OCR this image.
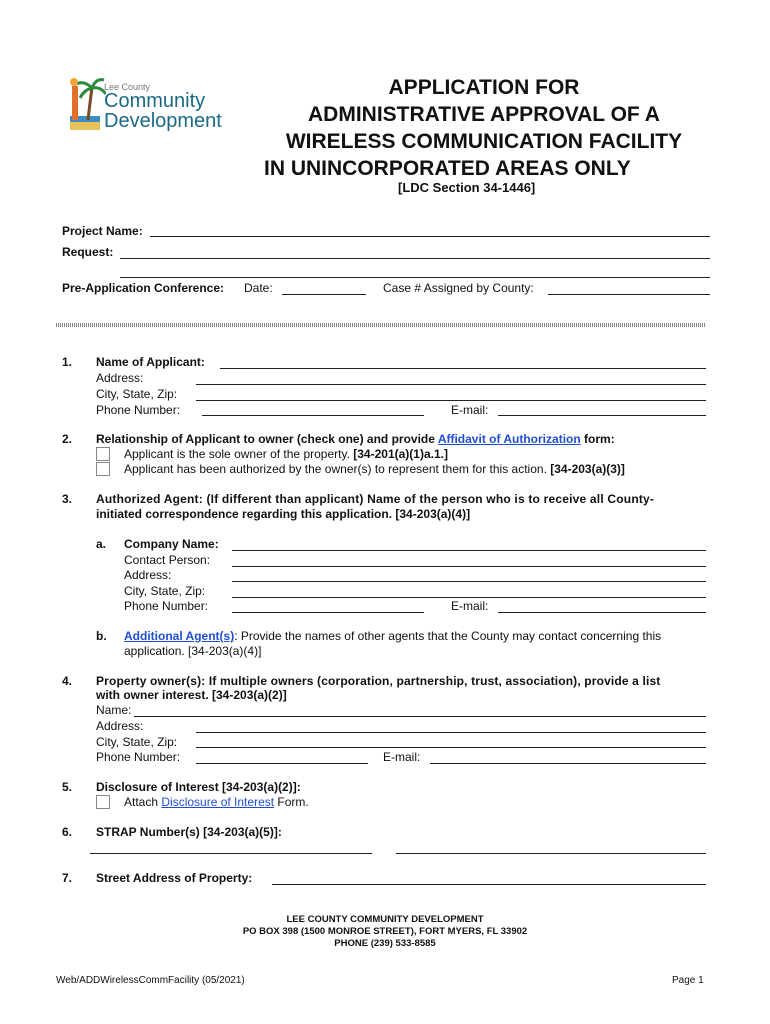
Lee County
Community
Development
APPLICATION FOR
ADMINISTRATIVE APPROVAL OF A
WIRELESS COMMUNICATION FACILITY
IN UNINCORPORATED AREAS ONLY
[LDC Section 34-1446]
Project Name:
Request:
Pre-Application Conference: Date:	Case # Assigned by County:
1. Name of Applicant:
Address:
City, State, Zip:
Phone Number:	E-mail:
2. Relationship of Applicant to owner (check one) and provide Affidavit of Authorization form:
Applicant is the sole owner of the property. [34-201(a)(1)a.1.]
Applicant has been authorized by the owner(s) to represent them for this action. [34-203(a)(3)]
3. Authorized Agent: (If different than applicant) Name of the person who is to receive all County-
initiated correspondence regarding this application. [34-203(a)(4)]
a. Company Name:
Contact Person:
Address:
City, State, Zip:
Phone Number:	E-mail:
b. Additional Agent(s): Provide the names of other agents that the County may contact concerning this
application. [34-203(a)(4)]
4. Property owner(s): If multiple owners (corporation, partnership, trust, association), provide a list
with owner interest. [34-203(a)(2)]
Name:
Address:
City, State, Zip:
Phone Number:	E-mail:
5. Disclosure of Interest [34-203(a)(2)]:
Attach Disclosure of Interest Form.
6. STRAP Number(s) [34-203(a)(5)]:
7. Street Address of Property:
LEE COUNTY COMMUNITY DEVELOPMENT
PO BOX 398 (1500 MONROE STREET), FORT MYERS, FL 33902
PHONE (239) 533-8585
Web/ADDWirelessCommFacility (05/2021)	Page 1
